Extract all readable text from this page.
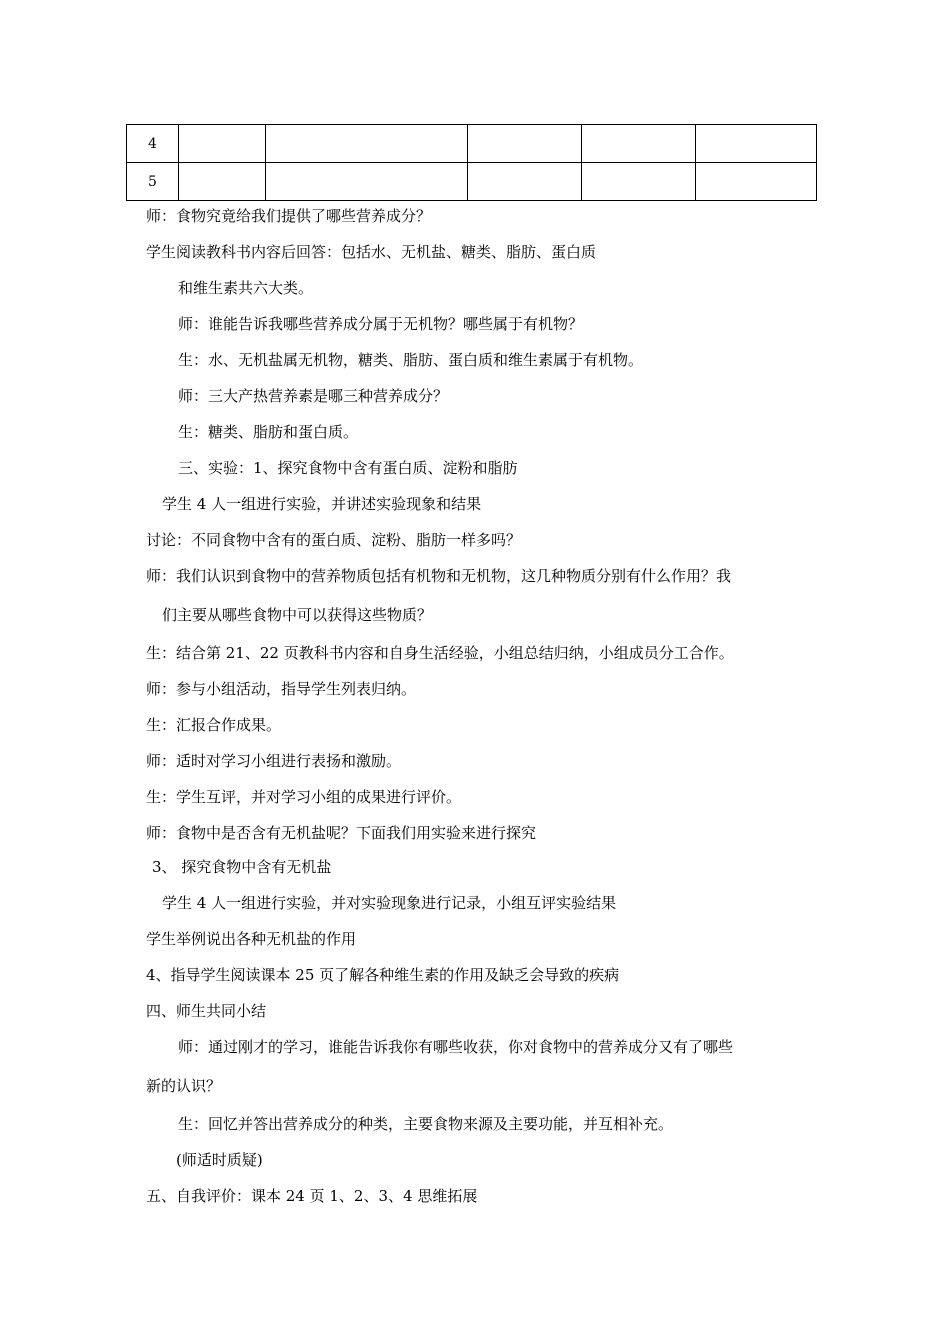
4					
5					
师：食物究竟给我们提供了哪些营养成分？
学生阅读教科书内容后回答：包括水、无机盐、糖类、脂肪、蛋白质
和维生素共六大类。
师：谁能告诉我哪些营养成分属于无机物？哪些属于有机物？
生：水、无机盐属无机物，糖类、脂肪、蛋白质和维生素属于有机物。
师：三大产热营养素是哪三种营养成分？
生：糖类、脂肪和蛋白质。
三、实验：1、探究食物中含有蛋白质、淀粉和脂肪
学生 4 人一组进行实验，并讲述实验现象和结果
讨论：不同食物中含有的蛋白质、淀粉、脂肪一样多吗？
师：我们认识到食物中的营养物质包括有机物和无机物，这几种物质分别有什么作用？我
们主要从哪些食物中可以获得这些物质？
生：结合第 21、22 页教科书内容和自身生活经验，小组总结归纳，小组成员分工合作。
师：参与小组活动，指导学生列表归纳。
生：汇报合作成果。
师：适时对学习小组进行表扬和激励。
生：学生互评，并对学习小组的成果进行评价。
师：食物中是否含有无机盐呢？下面我们用实验来进行探究
3、 探究食物中含有无机盐
学生 4 人一组进行实验，并对实验现象进行记录，小组互评实验结果
学生举例说出各种无机盐的作用
4、指导学生阅读课本 25 页了解各种维生素的作用及缺乏会导致的疾病
四、师生共同小结
师：通过刚才的学习，谁能告诉我你有哪些收获，你对食物中的营养成分又有了哪些
新的认识？
生：回忆并答出营养成分的种类，主要食物来源及主要功能，并互相补充。
(师适时质疑)
五、自我评价：课本 24 页 1、2、3、4 思维拓展
